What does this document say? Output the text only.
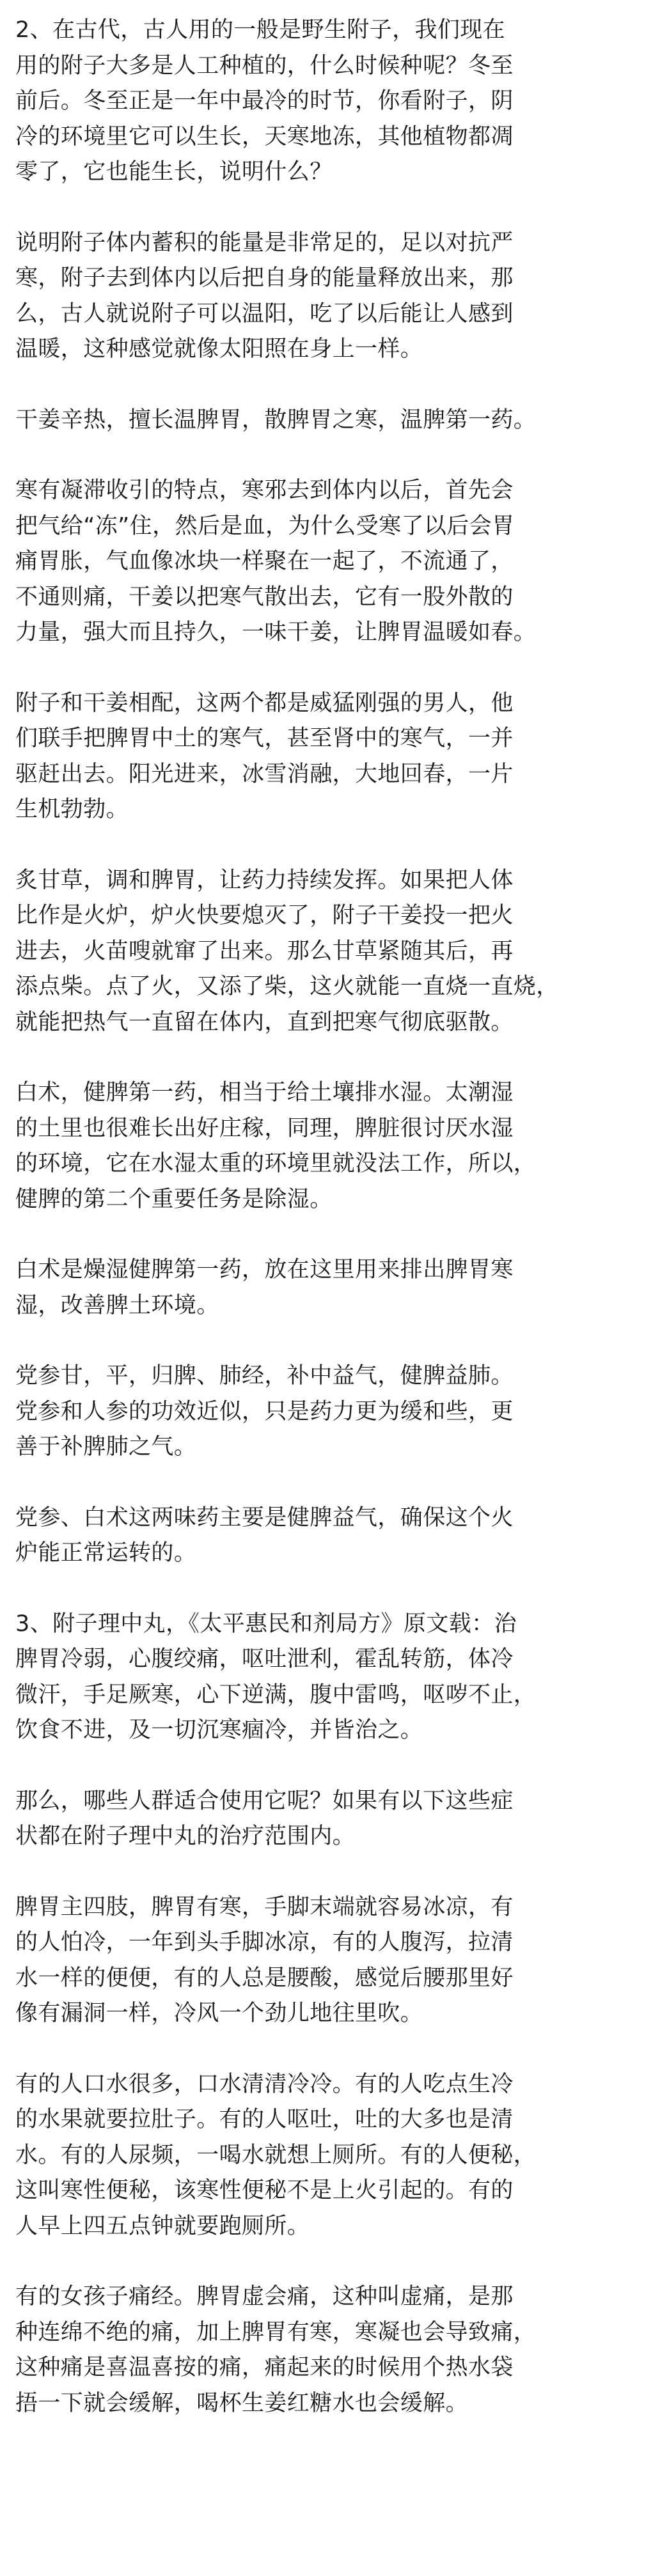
2、在古代，古人用的一般是野生附子，我们现在
用的附子大多是人工种植的，什么时候种呢？冬至
前后。冬至正是一年中最冷的时节，你看附子，阴
冷的环境里它可以生长，天寒地冻，其他植物都凋
零了，它也能生长，说明什么？

说明附子体内蓄积的能量是非常足的，足以对抗严
寒，附子去到体内以后把自身的能量释放出来，那
么，古人就说附子可以温阳，吃了以后能让人感到
温暖，这种感觉就像太阳照在身上一样。

干姜辛热，擅长温脾胃，散脾胃之寒，温脾第一药。

寒有凝滞收引的特点，寒邪去到体内以后，首先会
把气给“冻”住，然后是血，为什么受寒了以后会胃
痛胃胀，气血像冰块一样聚在一起了，不流通了，
不通则痛，干姜以把寒气散出去，它有一股外散的
力量，强大而且持久，一味干姜，让脾胃温暖如春。

附子和干姜相配，这两个都是威猛刚强的男人，他
们联手把脾胃中土的寒气，甚至肾中的寒气，一并
驱赶出去。阳光进来，冰雪消融，大地回春，一片
生机勃勃。

炙甘草，调和脾胃，让药力持续发挥。如果把人体
比作是火炉，炉火快要熄灭了，附子干姜投一把火
进去，火苗嗖就窜了出来。那么甘草紧随其后，再
添点柴。点了火，又添了柴，这火就能一直烧一直烧，
就能把热气一直留在体内，直到把寒气彻底驱散。

白术，健脾第一药，相当于给土壤排水湿。太潮湿
的土里也很难长出好庄稼，同理，脾脏很讨厌水湿
的环境，它在水湿太重的环境里就没法工作，所以，
健脾的第二个重要任务是除湿。

白术是燥湿健脾第一药，放在这里用来排出脾胃寒
湿，改善脾土环境。

党参甘，平，归脾、肺经，补中益气，健脾益肺。
党参和人参的功效近似，只是药力更为缓和些，更
善于补脾肺之气。

党参、白术这两味药主要是健脾益气，确保这个火
炉能正常运转的。

3、附子理中丸，《太平惠民和剂局方》原文载：治
脾胃冷弱，心腹绞痛，呕吐泄利，霍乱转筋，体冷
微汗，手足厥寒，心下逆满，腹中雷鸣，呕哕不止，
饮食不进，及一切沉寒痼冷，并皆治之。

那么，哪些人群适合使用它呢？如果有以下这些症
状都在附子理中丸的治疗范围内。

脾胃主四肢，脾胃有寒，手脚末端就容易冰凉，有
的人怕冷，一年到头手脚冰凉，有的人腹泻，拉清
水一样的便便，有的人总是腰酸，感觉后腰那里好
像有漏洞一样，冷风一个劲儿地往里吹。

有的人口水很多，口水清清冷冷。有的人吃点生冷
的水果就要拉肚子。有的人呕吐，吐的大多也是清
水。有的人尿频，一喝水就想上厕所。有的人便秘，
这叫寒性便秘，该寒性便秘不是上火引起的。有的
人早上四五点钟就要跑厕所。

有的女孩子痛经。脾胃虚会痛，这种叫虚痛，是那
种连绵不绝的痛，加上脾胃有寒，寒凝也会导致痛，
这种痛是喜温喜按的痛，痛起来的时候用个热水袋
捂一下就会缓解，喝杯生姜红糖水也会缓解。
